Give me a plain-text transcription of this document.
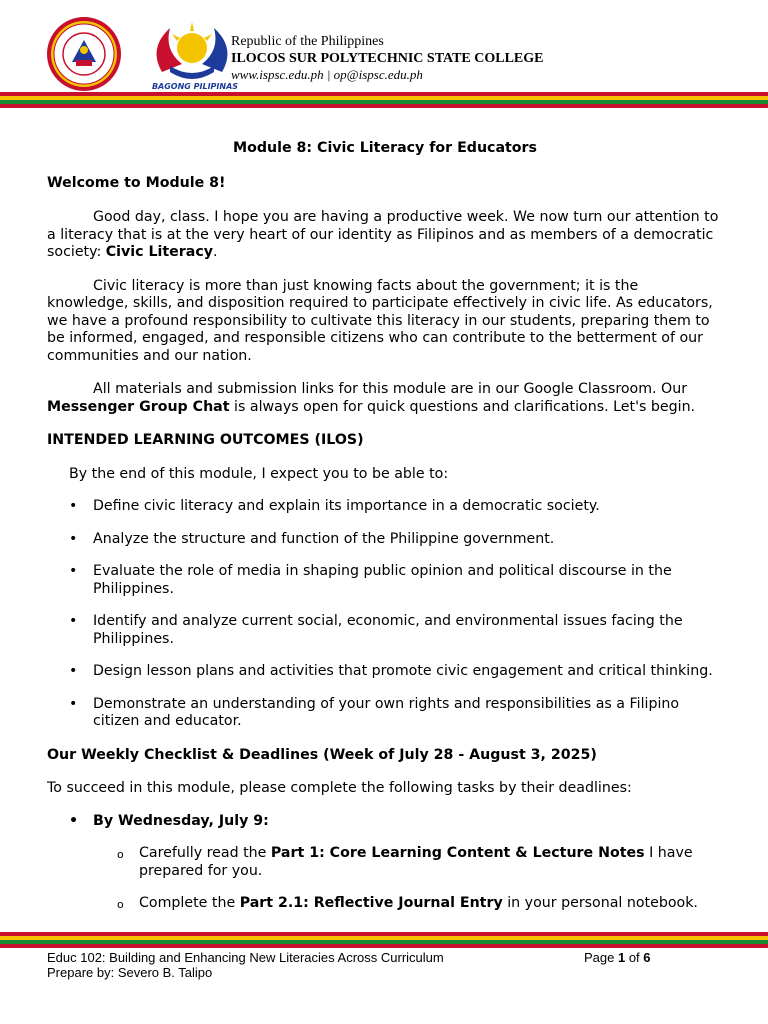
BAGONG PILIPINAS
Republic of the Philippines
ILOCOS SUR POLYTECHNIC STATE COLLEGE
www.ispsc.edu.ph | op@ispsc.edu.ph

Module 8: Civic Literacy for Educators

Welcome to Module 8!

Good day, class. I hope you are having a productive week. We now turn our attention to a literacy that is at the very heart of our identity as Filipinos and as members of a democratic society: Civic Literacy.

Civic literacy is more than just knowing facts about the government; it is the knowledge, skills, and disposition required to participate effectively in civic life. As educators, we have a profound responsibility to cultivate this literacy in our students, preparing them to be informed, engaged, and responsible citizens who can contribute to the betterment of our communities and our nation.

All materials and submission links for this module are in our Google Classroom. Our Messenger Group Chat is always open for quick questions and clarifications. Let's begin.

INTENDED LEARNING OUTCOMES (ILOS)

By the end of this module, I expect you to be able to:

• Define civic literacy and explain its importance in a democratic society.
• Analyze the structure and function of the Philippine government.
• Evaluate the role of media in shaping public opinion and political discourse in the Philippines.
• Identify and analyze current social, economic, and environmental issues facing the Philippines.
• Design lesson plans and activities that promote civic engagement and critical thinking.
• Demonstrate an understanding of your own rights and responsibilities as a Filipino citizen and educator.

Our Weekly Checklist & Deadlines (Week of July 28 - August 3, 2025)

To succeed in this module, please complete the following tasks by their deadlines:

• By Wednesday, July 9:
o Carefully read the Part 1: Core Learning Content & Lecture Notes I have prepared for you.
o Complete the Part 2.1: Reflective Journal Entry in your personal notebook.
Educ 102: Building and Enhancing New Literacies Across Curriculum	Page 1 of 6
Prepare by: Severo B. Talipo
